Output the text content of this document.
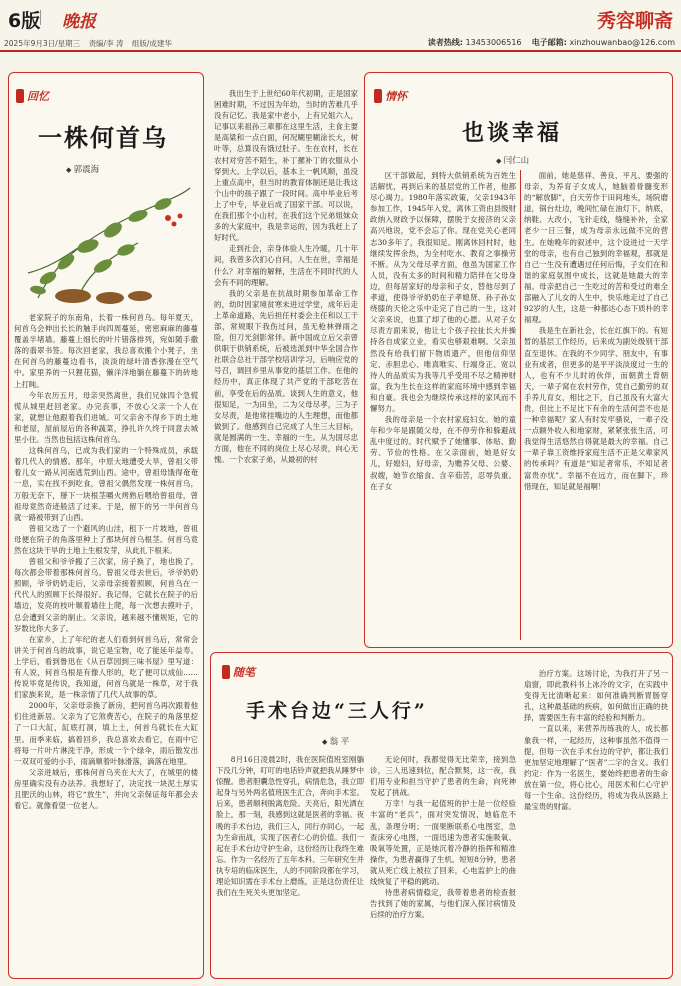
6版 晚报	秀容聊斋
2025年9月3日/星期三 责编/李 涛 组版/成建华	读者热线: 13453006516 电子邮箱: xinzhouwanbao@126.com
回忆
一株何首乌
◆ 郭震海

老家院子的东南角，长着一株何首乌。每年夏天，何首乌会伸出长长的触手向四周蔓延，密密麻麻的藤蔓覆盖半堵墙。藤蔓上细长的叶片错落排列，宛如随手撒落的翡翠书签。每次回老家，我总喜欢搬个小凳子，坐在何首乌的藤蔓边看书，淡淡的绿叶清香弥漫在空气中。家里养的一只狸花猫，懒洋洋地躺在藤蔓下的砖地上打盹。

今年农历五月，母亲突然离世，我们兄妹四个急慌慌从城里赶回老家。办完丧事，不放心父亲一个人在家，就想让他跟着我们进城。可父亲舍不得乡下的土地和老屋，屋前屋后的各种蔬菜，挣扎许久终于同意去城里小住。当然也包括这株何首乌。

这株何首乌，已成为我们家的一个特殊成员，承载着几代人的情感。那年，中原大地遭受大旱，曾祖父带着儿女一路从河南逃荒到山西。途中，曾祖母饿得奄奄一息，实在找不到吃食，曾祖父偶然发现一株何首乌，万般无奈下，掰下一块根茎嚼火烤熟后喂给曾祖母，曾祖母竟然奇迹般活了过来。于是，留下的另一半何首乌就一路被带到了山西。

曾祖父选了一个避风的山洼，租下一片坡地，曾祖母便在院子的角落里种上了那块何首乌根茎。何首乌竟然在这块干旱的土地上生根发芽，从此扎下根来。

曾祖父和爷爷搬了三次家，房子换了，地也换了，每次都会带着那株何首乌。曾祖父母去世后，爷爷奶奶照顾，爷爷奶奶走后，父亲母亲接着照顾，何首乌在一代代人的照顾下长得很好。我记得，它就长在院子的后墙边，发亮的枝叶顺着墙往上爬，每一次想去摸叶子，总会遭到父亲的制止。父亲说，越来越不懂规矩，它的岁数比你大多了。

在家乡，上了年纪的老人们看到何首乌后，常常会讲关于何首乌的故事，说它是宝物，吃了能延年益寿。上学后，看到鲁迅在《从百草园到三味书屋》里写道：有人说，何首乌根是有像人形的，吃了便可以成仙……传说毕竟是传说，我知道，何首乌就是一株草，对于我们家族来说，是一株亲情了几代人故事的草。

2000年，父亲母亲换了新房，把何首乌再次跟着他们住进新居。父亲为了它煞费苦心，在院子的角落里挖了一口大缸，缸底打洞，填上土，何首乌就长在大缸里。而季来临，搞着回乡，我总喜欢去看它，在雨中它将每一片叶片淋洗干净，形成一个个绿伞，雨后散发出一双双可爱的小手，雨滴顺着叶脉滑落，滴落在地里。

父亲进城后，那株何首乌夹在大大了，在城里的楼房里确实没有办法养。我想好了，决定找一块泥土厚实且肥沃的山林，将它“放生”，并向父亲保证每年都会去看它。就像看望一位老人。

我出生于上世纪60年代初期，正是国家困难时期，不过因为年幼，当时的苦难几乎没有记忆。我是家中老小，上有兄姐六人，记事以来祖孙三辈都在这里生活，主食主要是高粱和一点白面，何况糊里糊涂长大，树叶等，总算没有饿过肚子。生在农村，长在农村对穷苦不陌生，补丁摞补丁的衣服从小穿到大。上学以后，基本上一帆风顺，虽没上重点高中，但当时的教育体制还是让我这个山中的孩子跟了一段时间。高中毕业后考上了中专，毕业后成了国家干部。可以说，在我们那个小山村，在我们这个兄弟姐妹众多的大家庭中，我是幸运的，因为我赶上了好时代。

走到社会，亲身体验人生冷暖，几十年间，我曾多次扪心自问，人生在世，幸福是什么？对幸福的解释，生活在不同时代的人会有不同的理解。

我的父亲是在抗战时期参加革命工作的，幼时因家境贫寒未进过学堂，成年后走上革命道路，先后担任村委会主任和以工干部，常规眼下我伤过问，虽无枪林弹雨之险，但刀光剑影常伴。新中国成立后父亲曾供职于供销系统，后被选派到中华全国合作社联合总社干部学校培训学习，后响应党的号召，调回乡里从事党的基层工作。在他的经历中，真正体现了共产党的干部吃苦在前，享受在后的品质。谈到人生的意义，他很知足，一为田坐，二为父母尽孝，三为子女尽责，是他常挂嘴边的人生理想，而他都做到了。他感到自己完成了人生三大目标，就是圆满的一生、幸福的一生。从为国尽忠方面，他在不同的岗位上尽心尽责，向心无愧。一个农家子弟，从最初的村

情怀
也谈幸福
◆ 闫仁山

区干部做起，到特大供销系统为百姓生活解忧，再到后来的基层党的工作者，他都尽心竭力。1980年落实政策，父亲1943年参加工作，1945年入党，离休工资由县级财政纳入财政予以保障，摆脱于女接济的父亲高兴地说，党不会忘了你。现在党关心老同志30多年了，我很知足。刚离休回村时，他继续发挥余热，为全村吃水、教育之事操劳不断。从为父母尽孝方面，他虽为国家工作人员，没有太多的时间和精力陪伴在父母身边，但每居家好的母亲和子女，替他尽到了孝道，使得爷爷奶奶在子孝媳贤、孙子孙女绕膝的天伦之乐中走完了自己的一生，这对父亲来说，也算了却了他的心愿。从对子女尽责方面来说，他让七个孩子拉扯长大并操持各自成家立业，看实也够艰难啊。父亲虽然没有给我们留下物质遗产，但他信仰坚定、赤胆忠心、唯真唯实、行端身正、宽以待人的品质实为我等几乎受用不尽之精神财富，我为生长在这样的家庭环境中感到幸福和自豪。我也会为继续传承这样的家风而不懈努力。

我的母亲是一个农村家庭妇女。她的童年和少年是跟随父母，在不停劳作和躲避战乱中度过的。时代赋予了她懂事、体贴、勤劳、节俭的性格。在父亲面前，她是好女儿，好媳妇，好母亲，为赡养父母、公婆、叔嫂，她节衣缩食、含辛茹苦，忍辱负重。在子女

面前，她是慈祥、善良、平凡、要强的母亲，为养育子女成人，她脑着骨髓变形的“解放脚”，白天劳作于田间地头，场院磨道，锅台灶边，晚间忙碌在油灯下，纳底，纳鞋、大改小，飞针走线，缝缝补补，全家老少一日三餐，成为母亲永远做不完的营生。在她晚年的叙述中，这个设进过一天学堂的母亲，也有自己独到的幸福观，那就是自己一生没有遭遇过任何后悔，子女们在和谐的家庭氛围中成长，这就是她最大的幸福。母亲把自己一生吃过的苦和受过的难全部融入了儿女的人生中，快乐地走过了自己92岁的人生，这是一种都达心态下质朴的幸福观。

我是生在新社会，长在红旗下的。有短暂的基层工作经历，后来成为副处级别干部直至退休。在我的不少同学、朋友中，有事业有成者，但更多的是平平淡淡度过一生的人，也有不少儿时的伙伴，而朝黄土背朝天，一辈子窝在农村劳作，凭自己勤劳的双手养儿育女，相比之下，自己虽没有大富大贵，但比上不足比下有余的生活何尝不也是一种幸福呢？家人有时发牢骚说，一辈子没一点额外收入和地家财，紧紧张张生活，可我觉得生活悠然自得就是最大的幸福。自己一辈子靠工资维持家庭生活不正是父辈家风的传承吗？有道是“知足者常乐，不知足者富贵亦忧”。幸福不在远方，而在脚下，珍惜现在，知足就是福啊！

随笔
手术台边“三人行”
◆ 翁 平

8月16日凌晨2时，我在医院值班室刚躺下没几分钟，叮叮的电话铃声就把我从睡梦中惊醒。患者胆囊急性穿孔，病情危急，我立即起身与另外两名值班医生汇合，奔向手术室。后来，患者顺利脱离危险。天亮后，阳光洒在脸上，那一刻，我感到这就是医者的幸福。夜晚的手术台边，我们三人，同行亦同心，一起为生命而战，实现了医者仁心的价值。我们一起在手术台边守护生命，这份经历让我终生难忘。作为一名经历了五年本科、三年研究生并执专培的临床医生，人的不同阶段都在学习，理论知识需在手术台上磨炼，正是这份责任让我们在生死关头更加坚定。

无论何时，我都觉得无比荣幸，接到急诊，三人迅速到位，配合默契，这一夜，我们用专业和担当守护了患者的生命，向死神发起了挑战。

万幸！与我一起值班的护士是一位经验丰富的“老兵”，面对突发情况，她临危不乱，条理分明；一面果断联系心电图室，急查床旁心电图，一面迅速为患者实施吸氧、吸氧等处置，正是她沉着冷静的指挥和精准操作，为患者赢得了生机。短短8分钟，患者就从死亡线上被拉了回来，心电监护上的曲线恢复了平稳的跳动。

待患者病情稳定，我带着患者的检查报告找到了她的家属，与他们深入探讨病情及后续的治疗方案。

治疗方案。这场讨论，为我打开了另一扇窗，即此教科书上冰冷的文字，在实践中变得无比清晰起来：如何准确判断胃肠穿孔，这种最基础的疾病，如何做出正确的抉择，需要医生有丰富的经验和判断力。

一直以来，来营养历练我的人，成长都象我一样，一起经历，这种事虽然不值得一提，但每一次在手术台边的守护，都让我们更加坚定地理解了“医者”二字的含义。我们约定：作为一名医生，要始终把患者的生命放在第一位，将心比心，用医术和仁心守护每一个生命。这份经历，将成为我从医路上最宝贵的财富。
